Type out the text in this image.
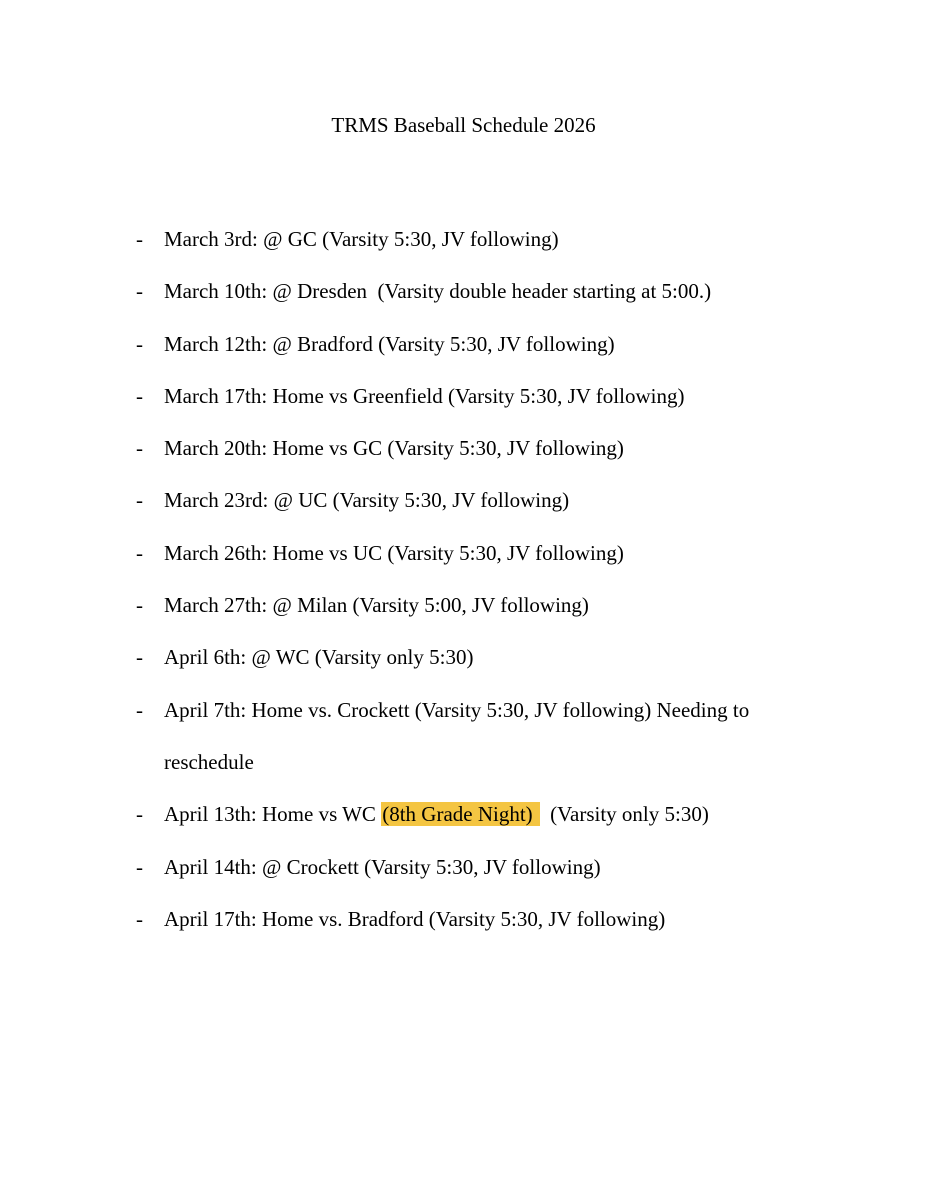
TRMS Baseball Schedule 2026
- March 3rd: @ GC (Varsity 5:30, JV following)
- March 10th: @ Dresden  (Varsity double header starting at 5:00.)
- March 12th: @ Bradford (Varsity 5:30, JV following)
- March 17th: Home vs Greenfield (Varsity 5:30, JV following)
- March 20th: Home vs GC (Varsity 5:30, JV following)
- March 23rd: @ UC (Varsity 5:30, JV following)
- March 26th: Home vs UC (Varsity 5:30, JV following)
- March 27th: @ Milan (Varsity 5:00, JV following)
- April 6th: @ WC (Varsity only 5:30)
- April 7th: Home vs. Crockett (Varsity 5:30, JV following) Needing to
reschedule
- April 13th: Home vs WC (8th Grade Night)  (Varsity only 5:30)
- April 14th: @ Crockett (Varsity 5:30, JV following)
- April 17th: Home vs. Bradford (Varsity 5:30, JV following)
